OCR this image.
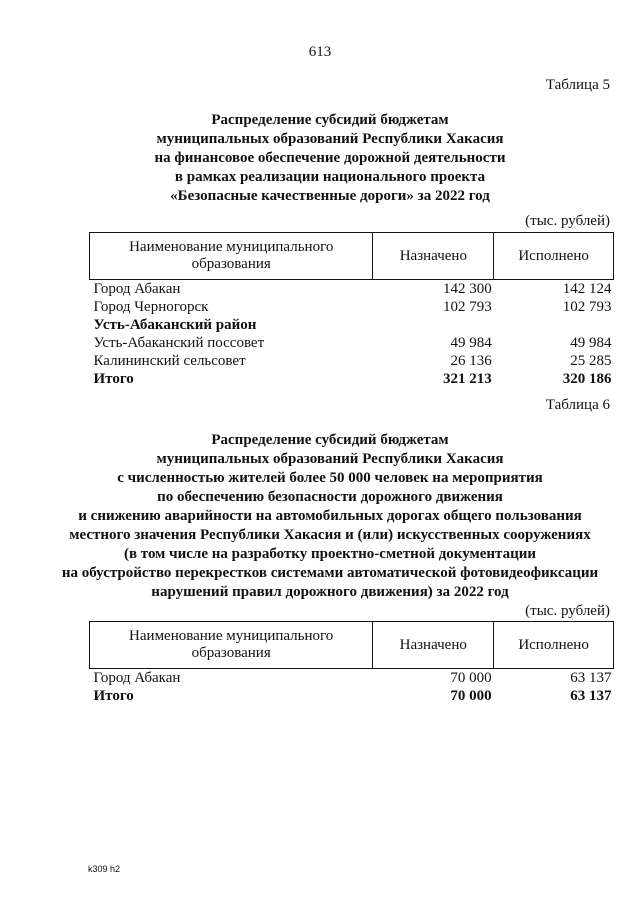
613
Таблица 5
Распределение субсидий бюджетам
муниципальных образований Республики Хакасия
на финансовое обеспечение дорожной деятельности
в рамках реализации национального проекта
«Безопасные качественные дороги» за 2022 год
(тыс. рублей)
Наименование муниципального образования	Назначено	Исполнено
Город Абакан	142 300	142 124
Город Черногорск	102 793	102 793
Усть-Абаканский район		
Усть-Абаканский поссовет	49 984	49 984
Калининский сельсовет	26 136	25 285
Итого	321 213	320 186
Таблица 6
Распределение субсидий бюджетам
муниципальных образований Республики Хакасия
с численностью жителей более 50 000 человек на мероприятия
по обеспечению безопасности дорожного движения
и снижению аварийности на автомобильных дорогах общего пользования
местного значения Республики Хакасия и (или) искусственных сооружениях
(в том числе на разработку проектно-сметной документации
на обустройство перекрестков системами автоматической фотовидеофиксации
нарушений правил дорожного движения) за 2022 год
(тыс. рублей)
Наименование муниципального образования	Назначено	Исполнено
Город Абакан	70 000	63 137
Итого	70 000	63 137
k309 h2
